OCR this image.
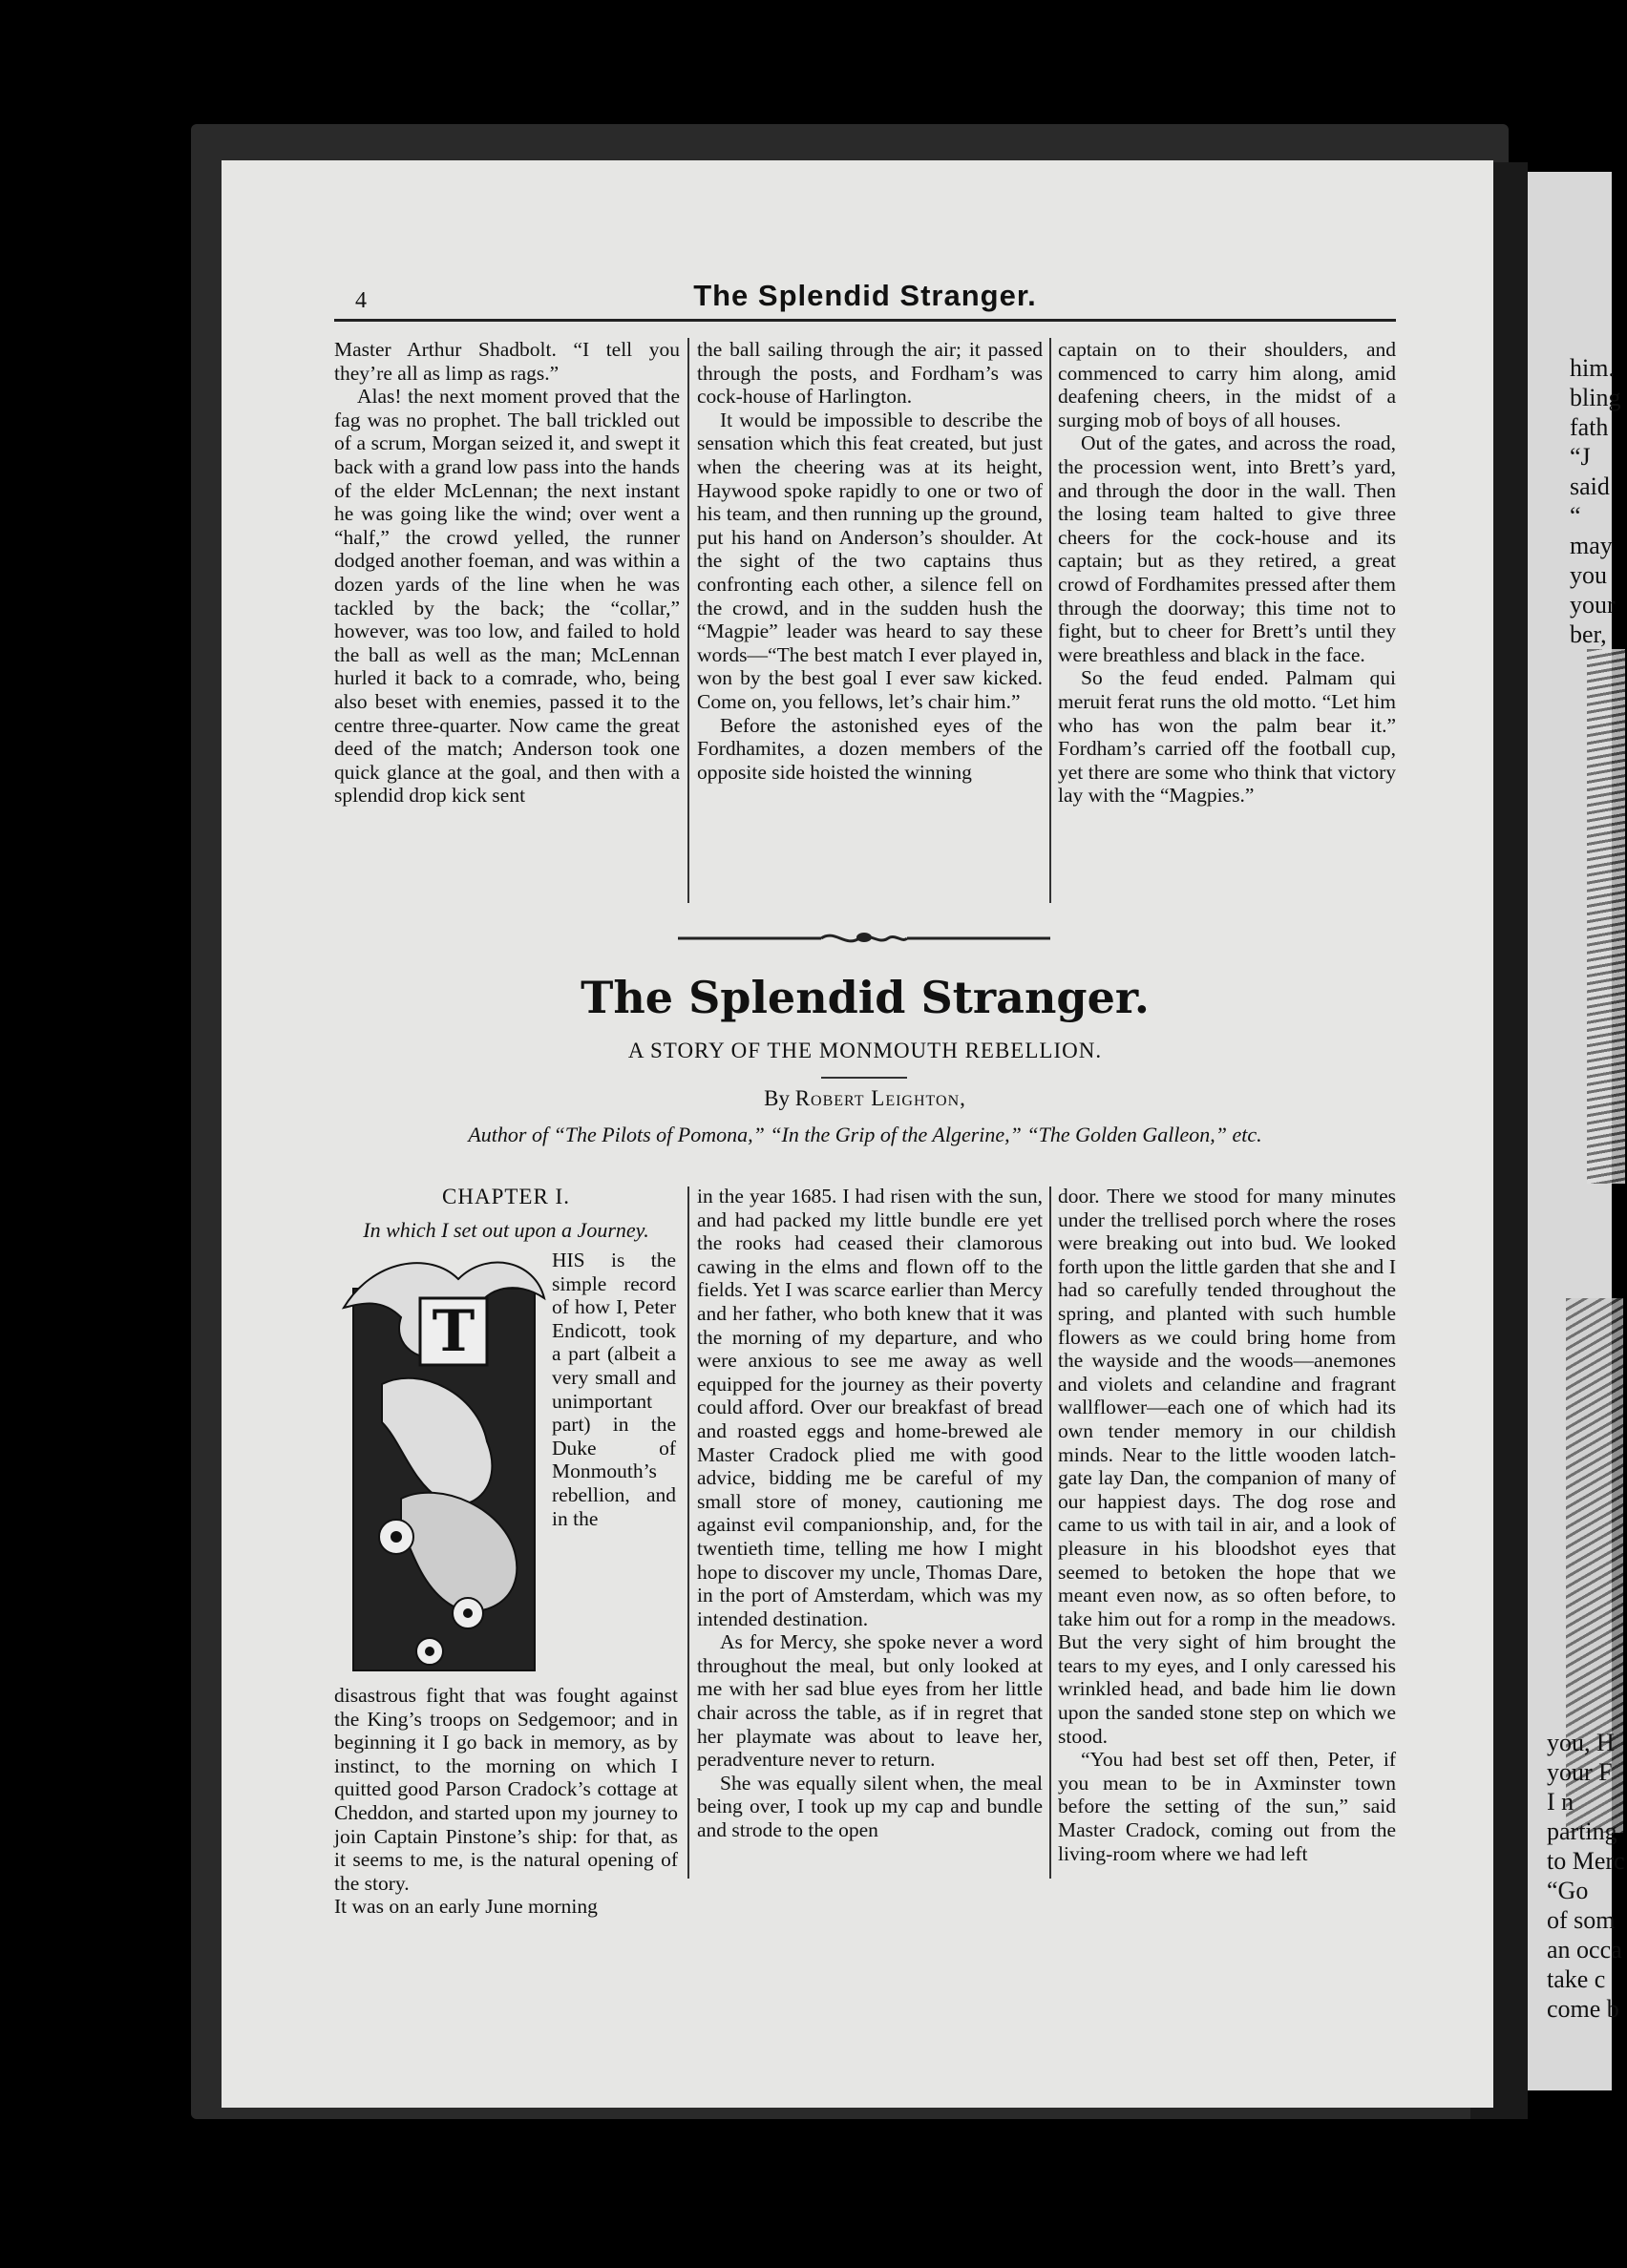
him.
bling
fath
“J
said
“
may
you
your
ber,
you, H
your F
I n
parting
to Merc
“Go
of som
an occa
take c
come b
4	The Splendid Stranger.

Master Arthur Shadbolt. “I tell you they’re all as limp as rags.”

Alas! the next moment proved that the fag was no prophet. The ball trickled out of a scrum, Morgan seized it, and swept it back with a grand low pass into the hands of the elder McLennan; the next instant he was going like the wind; over went a “half,” the crowd yelled, the runner dodged another foeman, and was within a dozen yards of the line when he was tackled by the back; the “collar,” however, was too low, and failed to hold the ball as well as the man; McLennan hurled it back to a comrade, who, being also beset with enemies, passed it to the centre three-quarter. Now came the great deed of the match; Anderson took one quick glance at the goal, and then with a splendid drop kick sent

the ball sailing through the air; it passed through the posts, and Fordham’s was cock-house of Harlington.

It would be impossible to describe the sensation which this feat created, but just when the cheering was at its height, Haywood spoke rapidly to one or two of his team, and then running up the ground, put his hand on Anderson’s shoulder. At the sight of the two captains thus confronting each other, a silence fell on the crowd, and in the sudden hush the “Magpie” leader was heard to say these words—“The best match I ever played in, won by the best goal I ever saw kicked. Come on, you fellows, let’s chair him.”

Before the astonished eyes of the Fordhamites, a dozen members of the opposite side hoisted the winning

captain on to their shoulders, and commenced to carry him along, amid deafening cheers, in the midst of a surging mob of boys of all houses.

Out of the gates, and across the road, the procession went, into Brett’s yard, and through the door in the wall. Then the losing team halted to give three cheers for the cock-house and its captain; but as they retired, a great crowd of Fordhamites pressed after them through the doorway; this time not to fight, but to cheer for Brett’s until they were breathless and black in the face.

So the feud ended. Palmam qui meruit ferat runs the old motto. “Let him who has won the palm bear it.” Fordham’s carried off the football cup, yet there are some who think that victory lay with the “Magpies.”

The Splendid Stranger.
A STORY OF THE MONMOUTH REBELLION.
By Robert Leighton,
Author of “The Pilots of Pomona,” “In the Grip of the Algerine,” “The Golden Galleon,” etc.
CHAPTER I.
In which I set out upon a Journey.
T
HIS is the simple record of how I, Peter Endicott, took a part (albeit a very small and unimportant part) in the Duke of Monmouth’s rebellion, and in the
disastrous fight that was fought against the King’s troops on Sedgemoor; and in beginning it I go back in memory, as by instinct, to the morning on which I quitted good Parson Cradock’s cottage at Cheddon, and started upon my journey to join Captain Pinstone’s ship: for that, as it seems to me, is the natural opening of the story.
It was on an early June morning

in the year 1685. I had risen with the sun, and had packed my little bundle ere yet the rooks had ceased their clamorous cawing in the elms and flown off to the fields. Yet I was scarce earlier than Mercy and her father, who both knew that it was the morning of my departure, and who were anxious to see me away as well equipped for the journey as their poverty could afford. Over our breakfast of bread and roasted eggs and home-brewed ale Master Cradock plied me with good advice, bidding me be careful of my small store of money, cautioning me against evil companionship, and, for the twentieth time, telling me how I might hope to discover my uncle, Thomas Dare, in the port of Amsterdam, which was my intended destination.

As for Mercy, she spoke never a word throughout the meal, but only looked at me with her sad blue eyes from her little chair across the table, as if in regret that her playmate was about to leave her, peradventure never to return.

She was equally silent when, the meal being over, I took up my cap and bundle and strode to the open

door. There we stood for many minutes under the trellised porch where the roses were breaking out into bud. We looked forth upon the little garden that she and I had so carefully tended throughout the spring, and planted with such humble flowers as we could bring home from the wayside and the woods—anemones and violets and celandine and fragrant wallflower—each one of which had its own tender memory in our childish minds. Near to the little wooden latch-gate lay Dan, the companion of many of our happiest days. The dog rose and came to us with tail in air, and a look of pleasure in his bloodshot eyes that seemed to betoken the hope that we meant even now, as so often before, to take him out for a romp in the meadows. But the very sight of him brought the tears to my eyes, and I only caressed his wrinkled head, and bade him lie down upon the sanded stone step on which we stood.

“You had best set off then, Peter, if you mean to be in Axminster town before the setting of the sun,” said Master Cradock, coming out from the living-room where we had left
